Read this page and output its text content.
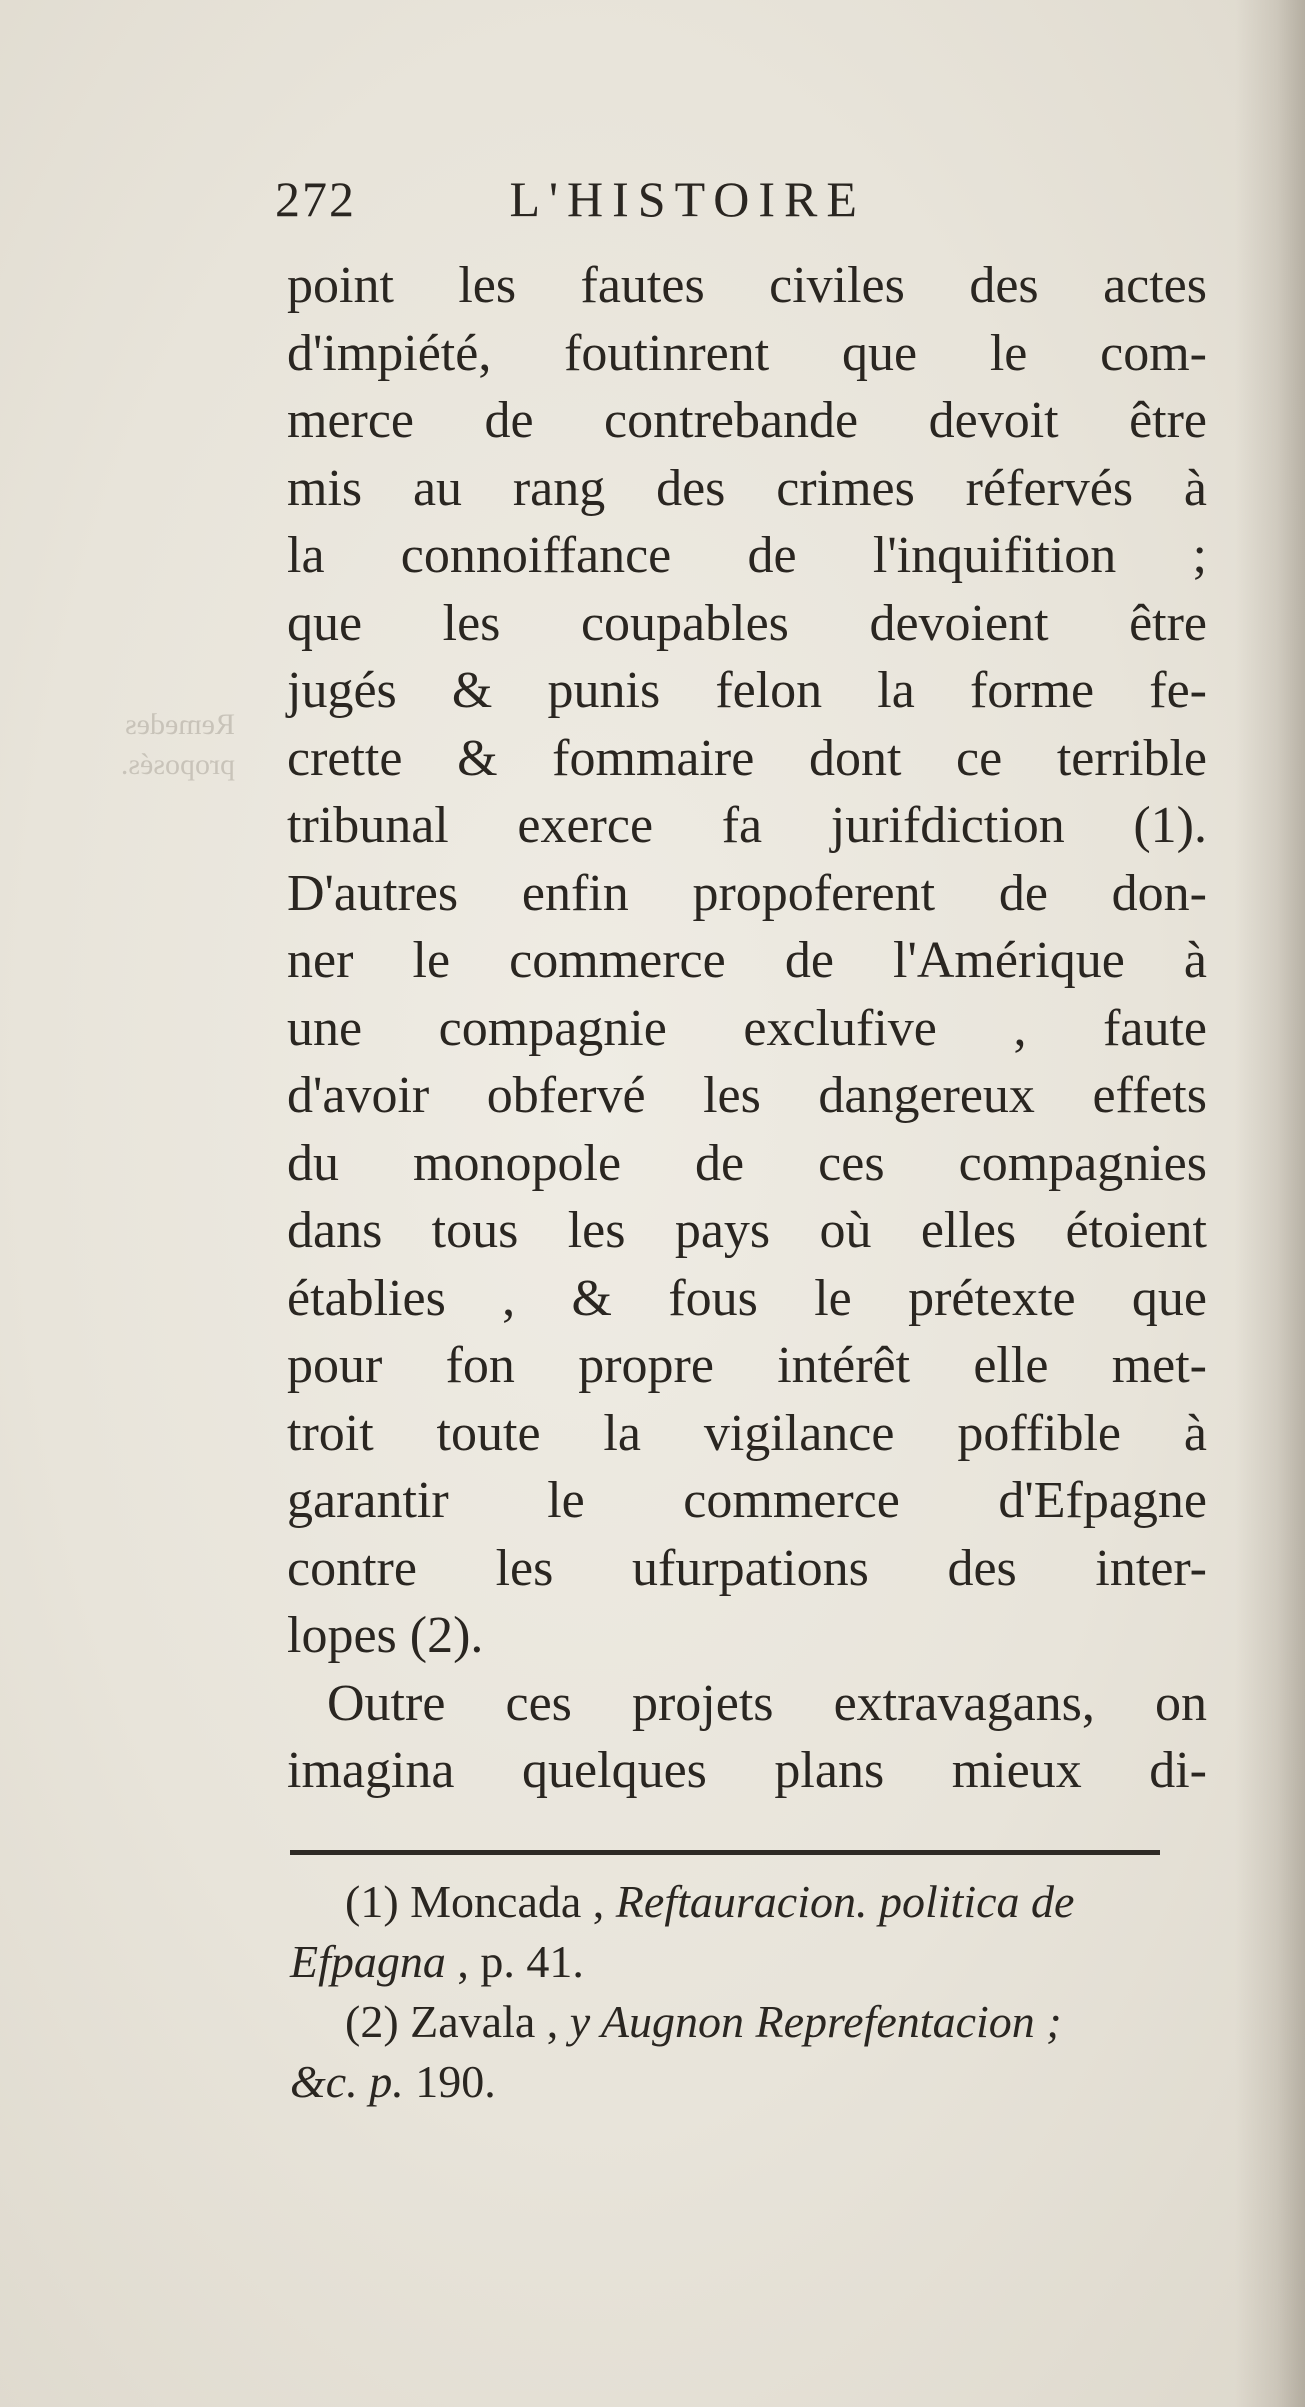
272	L'HISTOIRE
Remedes
proposés.
point les fautes civiles des actes
d'impiété, foutinrent que le com-
merce de contrebande devoit être
mis au rang des crimes réfervés à
la connoiffance de l'inquifition ;
que les coupables devoient être
jugés & punis felon la forme fe-
crette & fommaire dont ce terrible
tribunal exerce fa jurifdiction (1).
D'autres enfin propoferent de don-
ner le commerce de l'Amérique à
une compagnie exclufive , faute
d'avoir obfervé les dangereux effets
du monopole de ces compagnies
dans tous les pays où elles étoient
établies , & fous le prétexte que
pour fon propre intérêt elle met-
troit toute la vigilance poffible à
garantir le commerce d'Efpagne
contre les ufurpations des inter-
lopes (2).
Outre ces projets extravagans, on
imagina quelques plans mieux di-
(1) Moncada , Reftauracion. politica de
Efpagna , p. 41.
(2) Zavala , y Augnon Reprefentacion ;
&c. p. 190.
